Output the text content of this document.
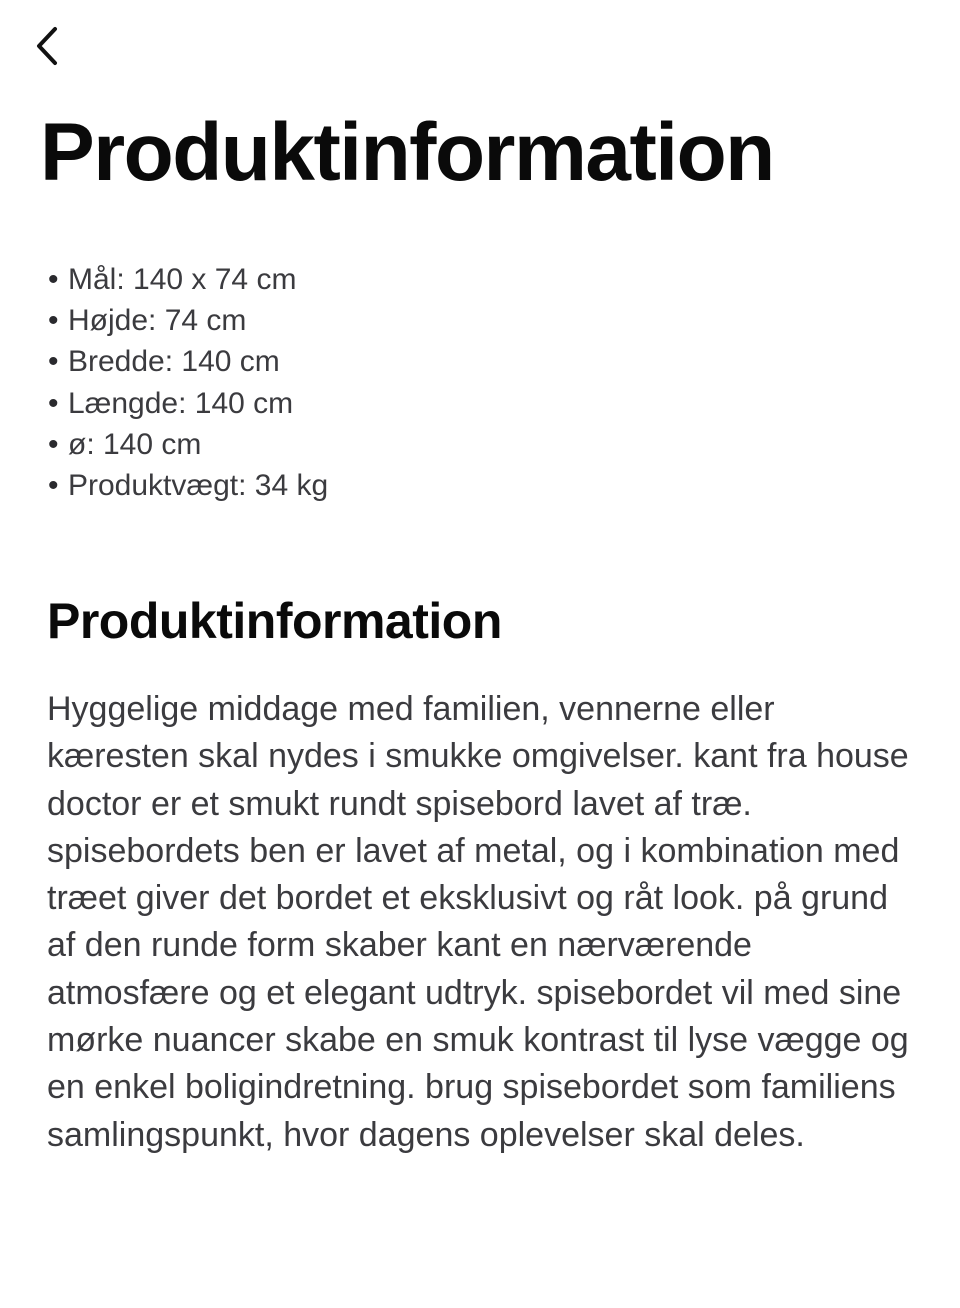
Produktinformation
• Mål: 140 x 74 cm
• Højde: 74 cm
• Bredde: 140 cm
• Længde: 140 cm
• ø: 140 cm
• Produktvægt: 34 kg
Produktinformation

Hyggelige middage med familien, vennerne eller kæresten skal nydes i smukke omgivelser. kant fra house doctor er et smukt rundt spisebord lavet af træ. spisebordets ben er lavet af metal, og i kombination med træet giver det bordet et eksklusivt og råt look. på grund af den runde form skaber kant en nærværende atmosfære og et elegant udtryk. spisebordet vil med sine mørke nuancer skabe en smuk kontrast til lyse vægge og en enkel boligindretning. brug spisebordet som familiens samlingspunkt, hvor dagens oplevelser skal deles.
